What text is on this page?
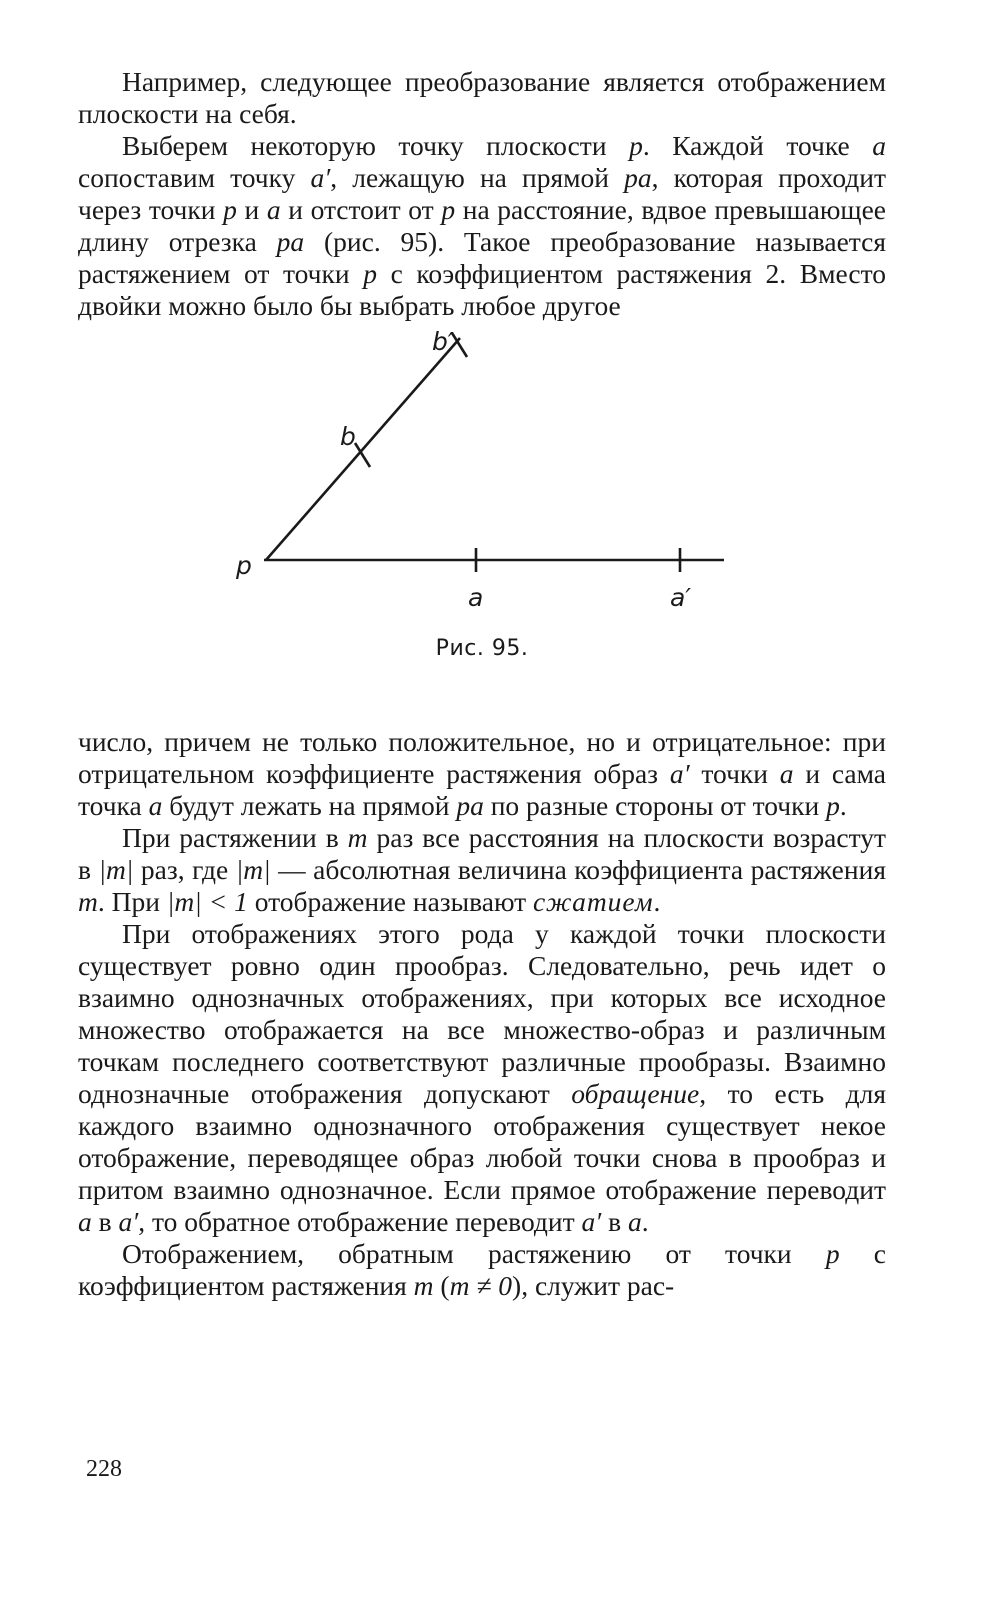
Например, следующее преобразование является отображением плоскости на себя.

Выберем некоторую точку плоскости p. Каждой точке a сопоставим точку a′, лежащую на прямой pa, которая проходит через точки p и a и отстоит от p на расстояние, вдвое превышающее длину отрезка pa (рис. 95). Такое преобразование называется растяжением от точки p с коэффициентом растяжения 2. Вместо двойки можно было бы выбрать любое другое

p
a	a′
b
b′
Рис. 95.

число, причем не только положительное, но и отрицательное: при отрицательном коэффициенте растяжения образ a′ точки a и сама точка a будут лежать на прямой pa по разные стороны от точки p.

При растяжении в m раз все расстояния на плоскости возрастут в |m| раз, где |m| — абсолютная величина коэффициента растяжения m. При |m| < 1 отображение называют сжатием.

При отображениях этого рода у каждой точки плоскости существует ровно один прообраз. Следовательно, речь идет о взаимно однозначных отображениях, при которых все исходное множество отображается на все множество-образ и различным точкам последнего соответствуют различные прообразы. Взаимно однозначные отображения допускают обращение, то есть для каждого взаимно однозначного отображения существует некое отображение, переводящее образ любой точки снова в прообраз и притом взаимно однозначное. Если прямое отображение переводит a в a′, то обратное отображение переводит a′ в a.

Отображением, обратным растяжению от точки p с коэффициентом растяжения m (m ≠ 0), служит рас-

228
